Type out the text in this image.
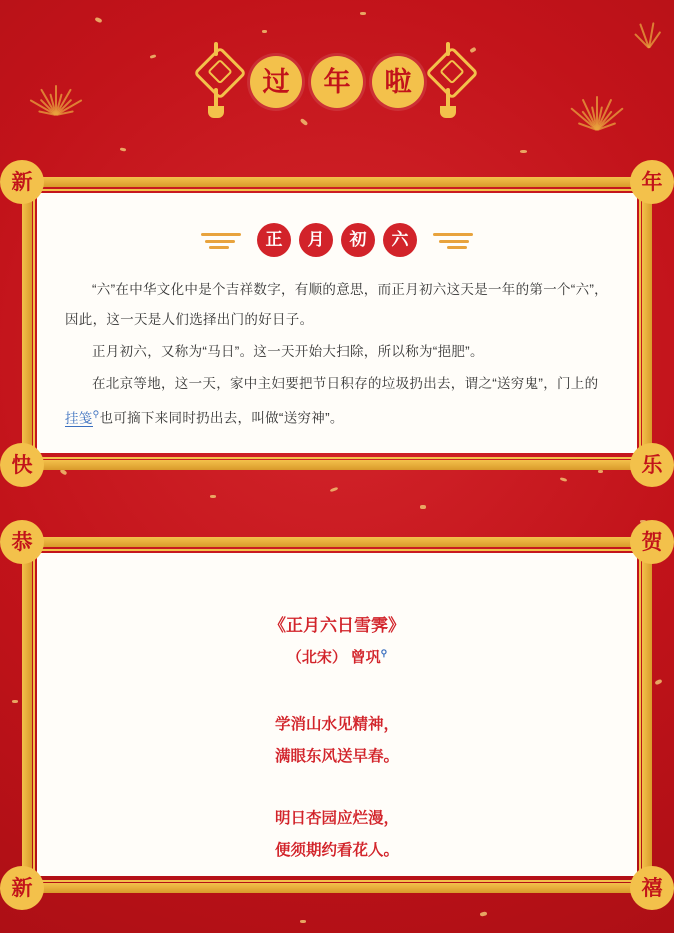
过	年	啦
新	年
快	乐
恭	贺
新	禧
正	月	初	六

“六”在中华文化中是个吉祥数字，有顺的意思，而正月初六这天是一年的第一个“六”，因此，这一天是人们选择出门的好日子。

正月初六，又称为“马日”。这一天开始大扫除，所以称为“挹肥”。

在北京等地，这一天，家中主妇要把节日积存的垃圾扔出去，谓之“送穷鬼”，门上的挂笺⚲也可摘下来同时扔出去，叫做“送穷神”。

《正月六日雪霁》
（北宋） 曾巩⚲
学消山水见精神，
满眼东风送早春。
明日杏园应烂漫，
便须期约看花人。
